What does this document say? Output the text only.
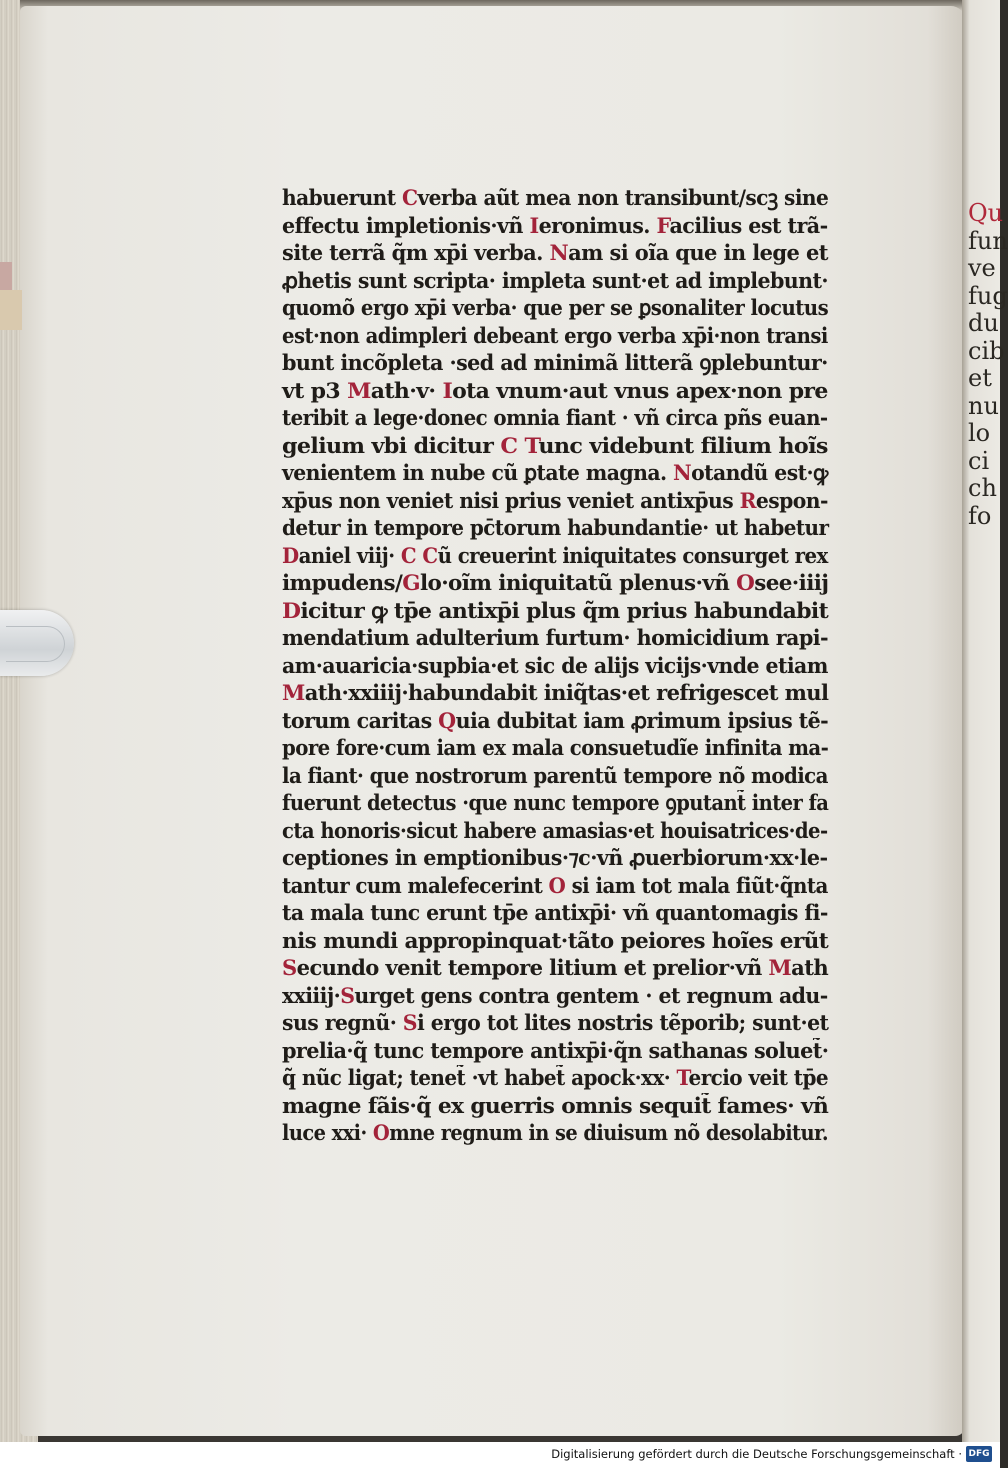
Qu
fun
ve
fug
du
cib
et
nu
lo
ci
ch
fo
habuerunt Cverba aũt mea non transibunt/scꝫ sine
effectu impletionis·vñ Ieronimus. Facilius est trã-
site terrã q̃m xp̄i verba. Nam si oĩa que in lege et
ꝓhetis sunt scripta· impleta sunt·et ad implebunt·
quomõ ergo xp̄i verba· que per se ꝑsonaliter locutus
est·non adimpleri debeant ergo verba xp̄i·non transi
bunt incõpleta ·sed ad minimã litterã ꝯplebuntur·
vt p3 Math·v· Iota vnum·aut vnus apex·non pre
teribit a lege·donec omnia fiant · vñ circa pñs euan-
gelium vbi dicitur C Tunc videbunt filium hoĩs
venientem in nube cũ ꝑtate magna. Notandũ est·ꝙ
xp̄us non veniet nisi prius veniet antixp̄us Respon-
detur in tempore pc̄torum habundantie· ut habetur
Daniel viij· C Cũ creuerint iniquitates consurget rex
impudens/Glo·oĩm iniquitatũ plenus·vñ Osee·iiij
Dicitur ꝙ tp̄e antixp̄i plus q̃m prius habundabit
mendatium adulterium furtum· homicidium rapi-
am·auaricia·supbia·et sic de alijs vicijs·vnde etiam
Math·xxiiij·habundabit iniq̃tas·et refrigescet mul
torum caritas Quia dubitat iam ꝓrimum ipsius tẽ-
pore fore·cum iam ex mala consuetudĩe infinita ma-
la fiant· que nostrorum parentũ tempore nõ modica
fuerunt detectus ·que nunc tempore ꝯputant̃ inter fa
cta honoris·sicut habere amasias·et houisatrices·de-
ceptiones in emptionibus·⁊c·vñ ꝓuerbiorum·xx·le-
tantur cum malefecerint O si iam tot mala fiũt·q̃nta
ta mala tunc erunt tp̄e antixp̄i· vñ quantomagis fi-
nis mundi appropinquat·tãto peiores hoĩes erũt
Secundo venit tempore litium et prelior·vñ Math
xxiiij·Surget gens contra gentem · et regnum adu-
sus regnũ· Si ergo tot lites nostris tẽporib; sunt·et
prelia·q̃ tunc tempore antixp̄i·q̃n sathanas soluet̃·
q̃ nũc ligat; tenet̃ ·vt habet̃ apock·xx· Tercio veit tp̄e
magne fãis·q̃ ex guerris omnis sequit̃ fames· vñ
luce xxi· Omne regnum in se diuisum nõ desolabitur.
Digitalisierung gefördert durch die Deutsche Forschungsgemeinschaft · DFG
